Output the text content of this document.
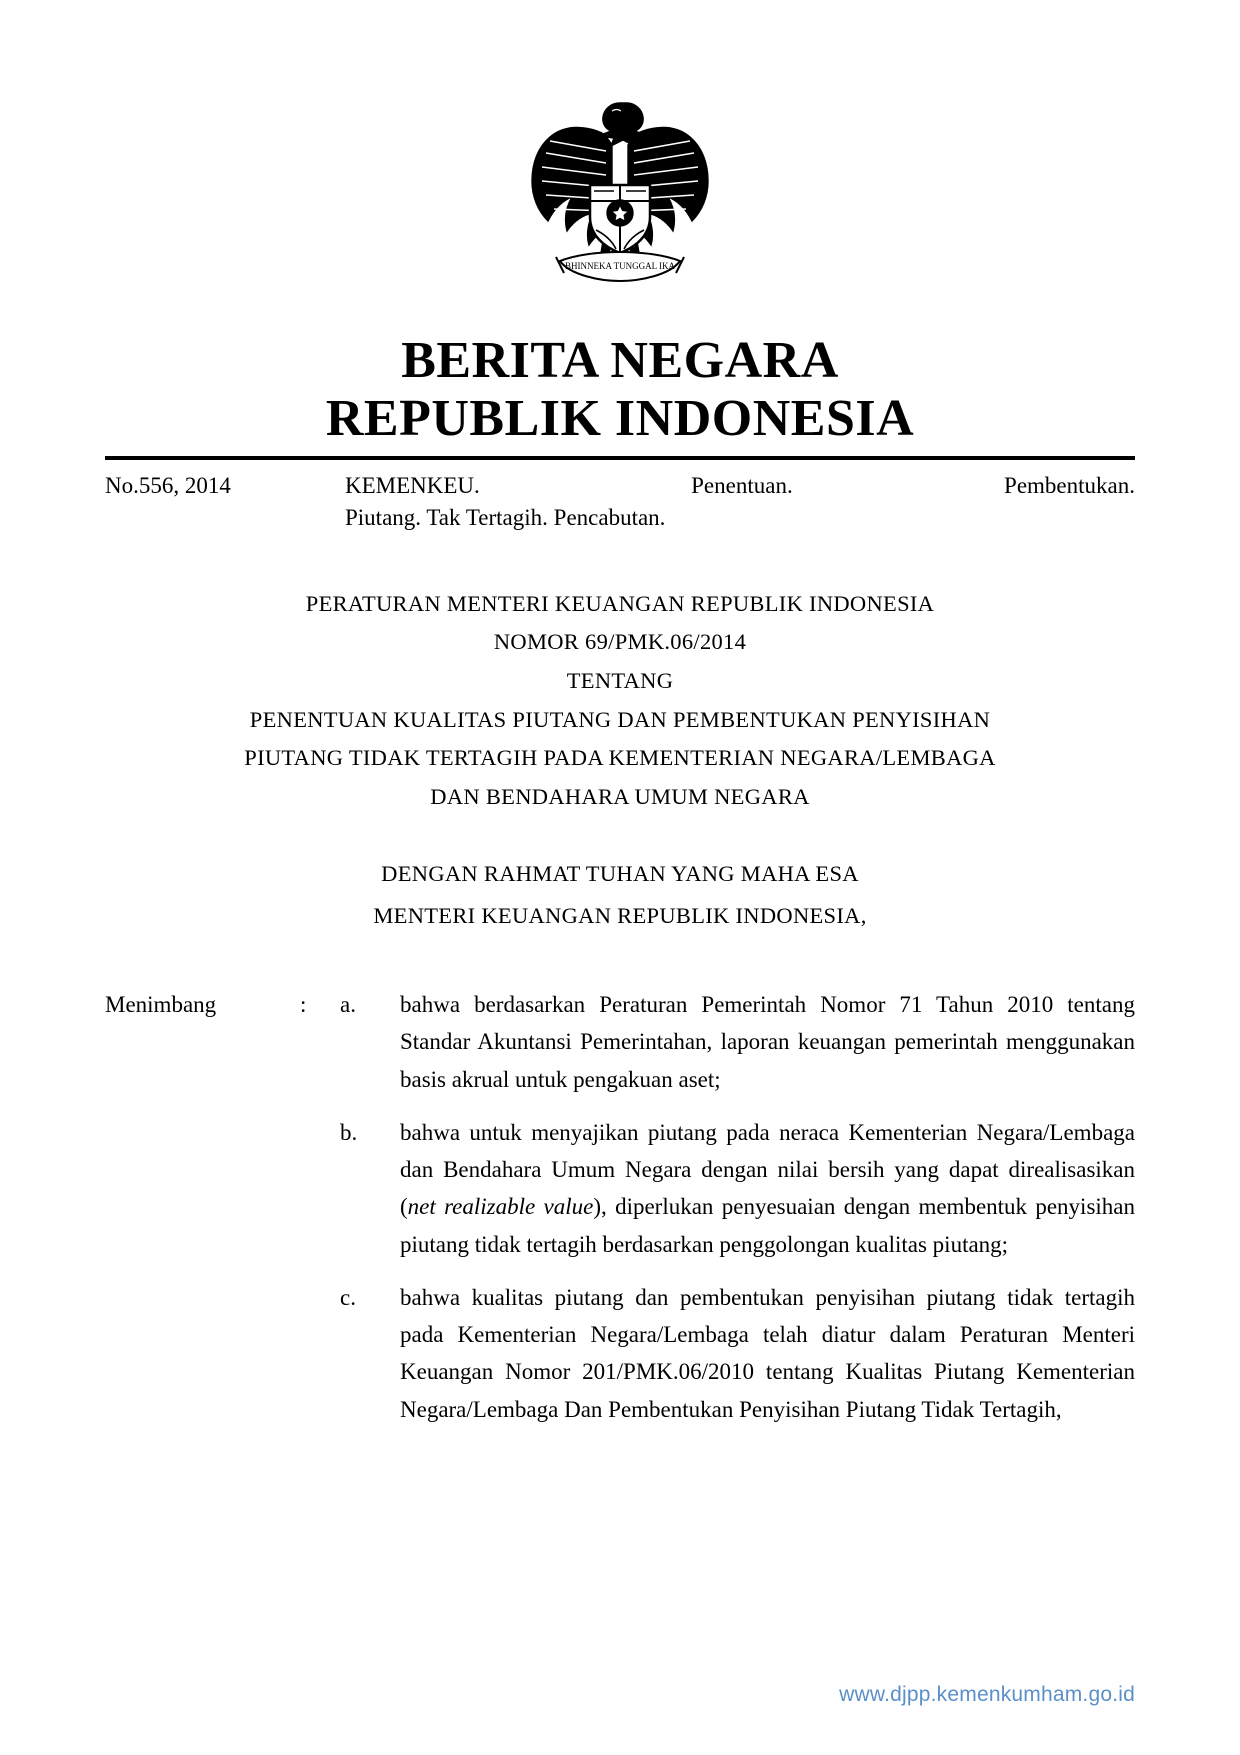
BHINNEKA TUNGGAL IKA
BERITA NEGARA
REPUBLIK INDONESIA
No.556, 2014	KEMENKEU.	Penentuan.	Pembentukan.
Piutang. Tak Tertagih. Pencabutan.
PERATURAN MENTERI KEUANGAN REPUBLIK INDONESIA
NOMOR 69/PMK.06/2014
TENTANG
PENENTUAN KUALITAS PIUTANG DAN PEMBENTUKAN PENYISIHAN
PIUTANG TIDAK TERTAGIH PADA KEMENTERIAN NEGARA/LEMBAGA
DAN BENDAHARA UMUM NEGARA
DENGAN RAHMAT TUHAN YANG MAHA ESA
MENTERI KEUANGAN REPUBLIK INDONESIA,
Menimbang	:	a.	bahwa berdasarkan Peraturan Pemerintah Nomor 71 Tahun 2010 tentang Standar Akuntansi Pemerintahan, laporan keuangan pemerintah menggunakan basis akrual untuk pengakuan aset;
b.	bahwa untuk menyajikan piutang pada neraca Kementerian Negara/Lembaga dan Bendahara Umum Negara dengan nilai bersih yang dapat direalisasikan (net realizable value), diperlukan penyesuaian dengan membentuk penyisihan piutang tidak tertagih berdasarkan penggolongan kualitas piutang;
c.	bahwa kualitas piutang dan pembentukan penyisihan piutang tidak tertagih pada Kementerian Negara/Lembaga telah diatur dalam Peraturan Menteri Keuangan Nomor 201/PMK.06/2010 tentang Kualitas Piutang Kementerian Negara/Lembaga Dan Pembentukan Penyisihan Piutang Tidak Tertagih,
www.djpp.kemenkumham.go.id
